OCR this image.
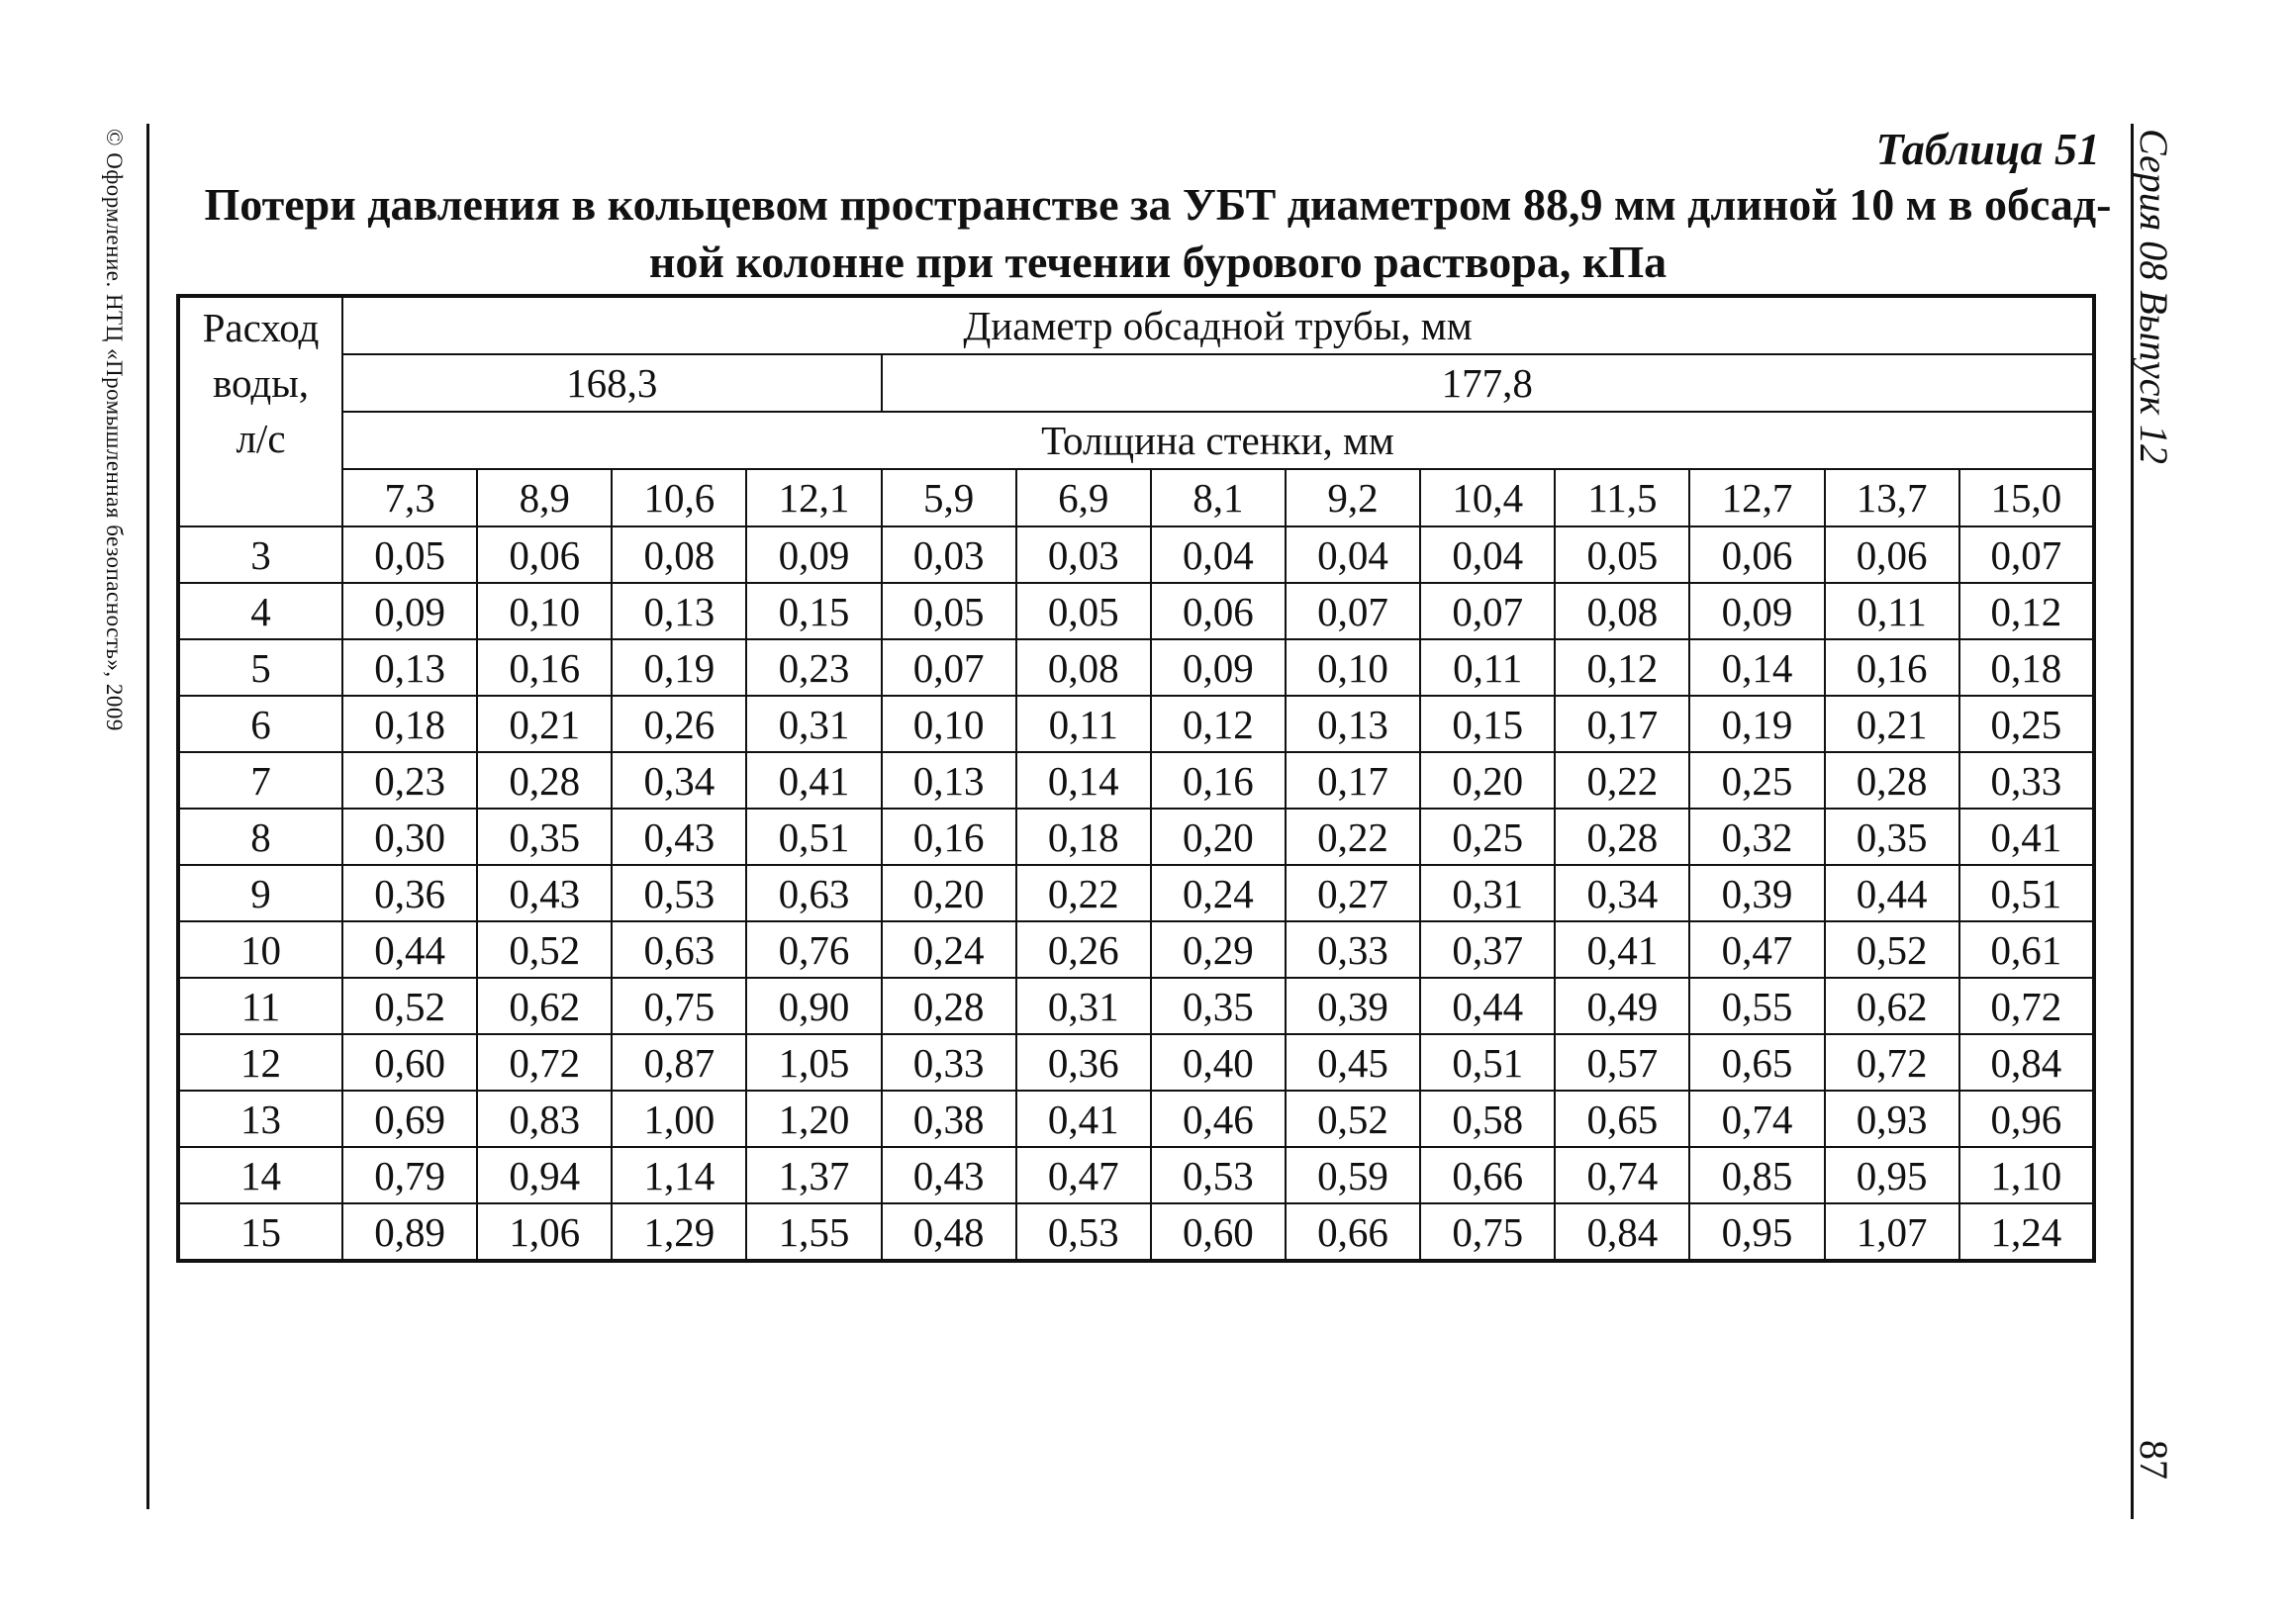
© Оформление. НТЦ «Промышленная безопасность», 2009	Серия 08 Выпуск 12
87
Таблица 51
Потери давления в кольцевом пространстве за УБТ диаметром 88,9 мм длиной 10 м в обсад-
ной колонне при течении бурового раствора, кПа
Расход
воды,
л/с	Диаметр обсадной трубы, мм												
	168,3				177,8								
	Толщина стенки, мм												
	7,3	8,9	10,6	12,1	5,9	6,9	8,1	9,2	10,4	11,5	12,7	13,7	15,0
3	0,05	0,06	0,08	0,09	0,03	0,03	0,04	0,04	0,04	0,05	0,06	0,06	0,07
4	0,09	0,10	0,13	0,15	0,05	0,05	0,06	0,07	0,07	0,08	0,09	0,11	0,12
5	0,13	0,16	0,19	0,23	0,07	0,08	0,09	0,10	0,11	0,12	0,14	0,16	0,18
6	0,18	0,21	0,26	0,31	0,10	0,11	0,12	0,13	0,15	0,17	0,19	0,21	0,25
7	0,23	0,28	0,34	0,41	0,13	0,14	0,16	0,17	0,20	0,22	0,25	0,28	0,33
8	0,30	0,35	0,43	0,51	0,16	0,18	0,20	0,22	0,25	0,28	0,32	0,35	0,41
9	0,36	0,43	0,53	0,63	0,20	0,22	0,24	0,27	0,31	0,34	0,39	0,44	0,51
10	0,44	0,52	0,63	0,76	0,24	0,26	0,29	0,33	0,37	0,41	0,47	0,52	0,61
11	0,52	0,62	0,75	0,90	0,28	0,31	0,35	0,39	0,44	0,49	0,55	0,62	0,72
12	0,60	0,72	0,87	1,05	0,33	0,36	0,40	0,45	0,51	0,57	0,65	0,72	0,84
13	0,69	0,83	1,00	1,20	0,38	0,41	0,46	0,52	0,58	0,65	0,74	0,93	0,96
14	0,79	0,94	1,14	1,37	0,43	0,47	0,53	0,59	0,66	0,74	0,85	0,95	1,10
15	0,89	1,06	1,29	1,55	0,48	0,53	0,60	0,66	0,75	0,84	0,95	1,07	1,24
